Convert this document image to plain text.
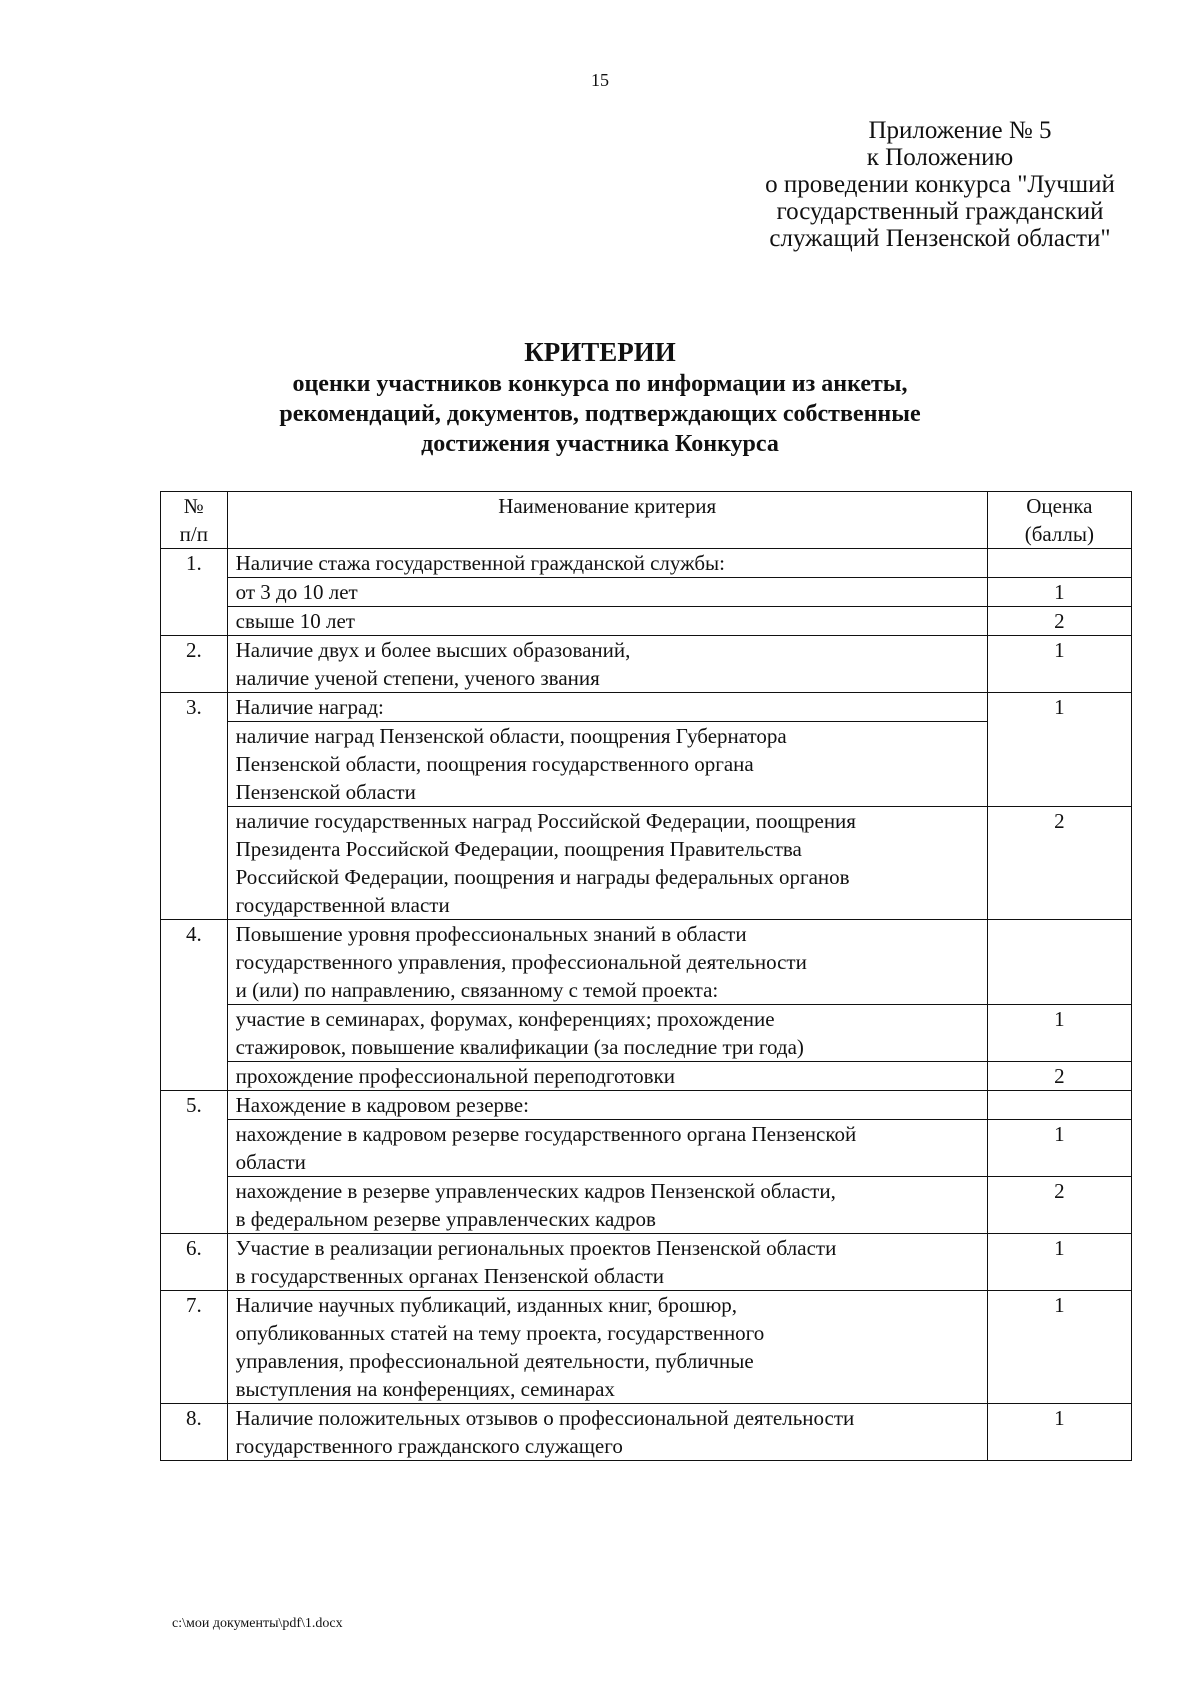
15
Приложение № 5
к Положению
о проведении конкурса "Лучший
государственный гражданский
служащий Пензенской области"
КРИТЕРИИ
оценки участников конкурса по информации из анкеты,
рекомендаций, документов, подтверждающих собственные
достижения участника Конкурса
№
п/п	Наименование критерия	Оценка
(баллы)
1.	Наличие стажа государственной гражданской службы:	
	от 3 до 10 лет	1
	свыше 10 лет	2
2.	Наличие двух и более высших образований,
наличие ученой степени, ученого звания	1
3.	Наличие наград:	1
	наличие наград Пензенской области, поощрения Губернатора
Пензенской области, поощрения государственного органа
Пензенской области	
	наличие государственных наград Российской Федерации, поощрения
Президента Российской Федерации, поощрения Правительства
Российской Федерации, поощрения и награды федеральных органов
государственной власти	2
4.	Повышение уровня профессиональных знаний в области
государственного управления, профессиональной деятельности
и (или) по направлению, связанному с темой проекта:	
	участие в семинарах, форумах, конференциях; прохождение
стажировок, повышение квалификации (за последние три года)	1
	прохождение профессиональной переподготовки	2
5.	Нахождение в кадровом резерве:	
	нахождение в кадровом резерве государственного органа Пензенской
области	1
	нахождение в резерве управленческих кадров Пензенской области,
в федеральном резерве управленческих кадров	2
6.	Участие в реализации региональных проектов Пензенской области
в государственных органах Пензенской области	1
7.	Наличие научных публикаций, изданных книг, брошюр,
опубликованных статей на тему проекта, государственного
управления, профессиональной деятельности, публичные
выступления на конференциях, семинарах	1
8.	Наличие положительных отзывов о профессиональной деятельности
государственного гражданского служащего	1
c:\мои документы\pdf\1.docx
